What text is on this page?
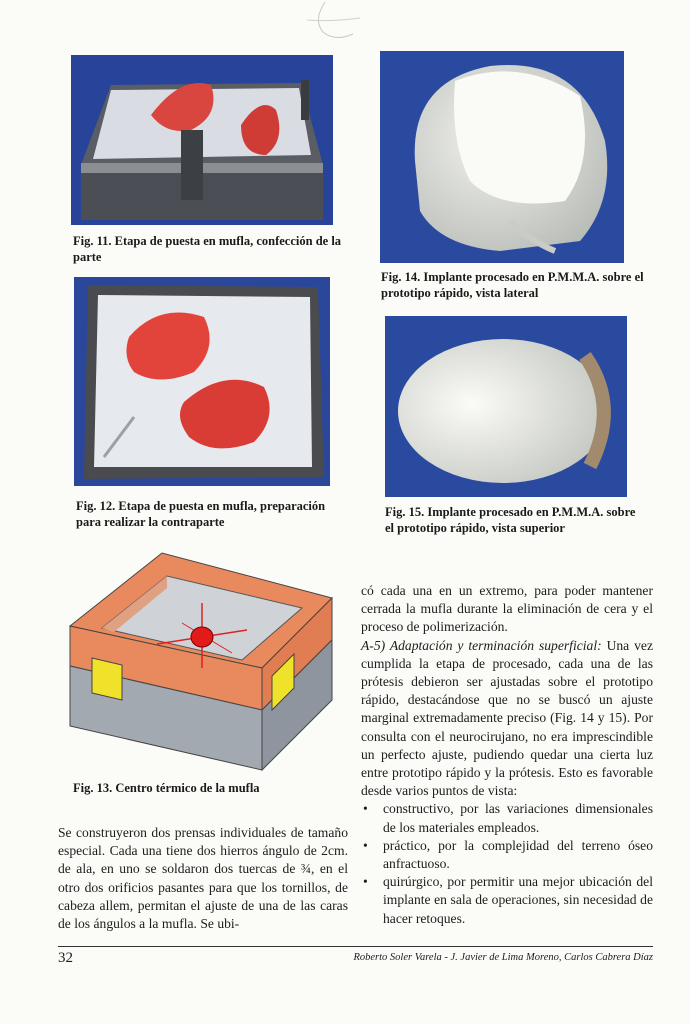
Fig. 11. Etapa de puesta en mufla, confección de la parte
Fig. 12. Etapa de puesta en mufla, preparación para realizar la contraparte
Fig. 13. Centro térmico de la mufla
Fig. 14. Implante procesado en P.M.M.A. sobre el prototipo rápido, vista lateral
Fig. 15. Implante procesado en P.M.M.A. sobre el prototipo rápido, vista superior

Se construyeron dos prensas individuales de tamaño especial. Cada una tiene dos hierros ángulo de 2cm. de ala, en uno se soldaron dos tuercas de ¾, en el otro dos orificios pasantes para que los tornillos, de cabeza allem, permitan el ajuste de una de las caras de los ángulos a la mufla. Se ubi-

có cada una en un extremo, para poder mantener cerrada la mufla durante la eliminación de cera y el proceso de polimerización.

A-5) Adaptación y terminación superficial: Una vez cumplida la etapa de procesado, cada una de las prótesis debieron ser ajustadas sobre el prototipo rápido, destacándose que no se buscó un ajuste marginal extremadamente preciso (Fig. 14 y 15). Por consulta con el neurocirujano, no era imprescindible un perfecto ajuste, pudiendo quedar una cierta luz entre prototipo rápido y la prótesis. Esto es favorable desde varios puntos de vista:

• constructivo, por las variaciones dimensionales de los materiales empleados.
• práctico, por la complejidad del terreno óseo anfractuoso.
• quirúrgico, por permitir una mejor ubicación del implante en sala de operaciones, sin necesidad de hacer retoques.
32	Roberto Soler Varela - J. Javier de Lima Moreno, Carlos Cabrera Díaz
